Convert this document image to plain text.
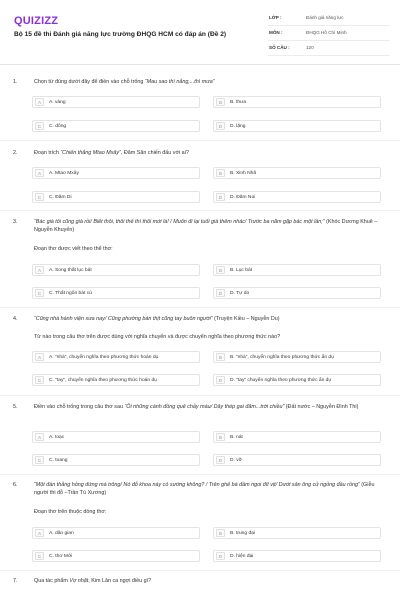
QUIZIZZ
Bộ 15 đề thi Đánh giá năng lực trường ĐHQG HCM có đáp án (Đề 2)
LỚP :	Đánh giá năng lực
MÔN :	ĐHQG Hồ Chí Minh
SỐ CÂU :	120
1.	Chọn từ đúng dưới đây để điền vào chỗ trống “Mau sao thì nắng,...thì mưa”
A	A. vàng	B	B. thưa
C	C. dông	D	D. lặng
2.	Đoạn trích “Chiến thắng Mtao Mxây”, Đăm Săn chiến đấu với ai?
A	A. Mtao Mxây	B	B. Xinh Nhã
C	C. Đăm Di	D	D. Đăm Noi
3.	“Bác già tôi cũng già rồi/ Biết thôi, thôi thế thì thôi mới là! / Muốn đi lại tuổi già thêm nhác/ Trước ba năm gặp bác một lần;” (Khóc Dương Khuê – Nguyễn Khuyến)
Đoạn thơ được viết theo thể thơ:
A	A. Song thất lục bát	B	B. Lục bát
C	C. Thất ngôn bát cú	D	D. Tự do
4.	“Cũng nhà hành viện xưa nay/ Cũng phường bán thịt cũng tay buôn người” (Truyện Kiều – Nguyễn Du)
Từ nào trong câu thơ trên được dùng với nghĩa chuyển và được chuyển nghĩa theo phương thức nào?
A	A. “nhà”, chuyển nghĩa theo phương thức hoán dụ	B	B. “nhà”, chuyển nghĩa theo phương thức ẩn dụ
C	C. “tay”, chuyển nghĩa theo phương thức hoán dụ	D	D. “tay” chuyển nghĩa theo phương thức ẩn dụ
5.	Điền vào chỗ trống trong câu thơ sau “Ôi những cánh đồng quê chảy máu/ Dây thép gai đâm...trời chiều” (Đất nước – Nguyễn Đình Thi)
A	A. toạc	B	B. nát
C	C. toang	D	D. vỡ
6.	“Một đàn thằng hỏng đứng mà trông/ Nó đỗ khoa này có sướng không? / Trên ghế bà đầm ngoi đít vịt/ Dưới sân ông cử ngỏng đầu rồng” (Giễu người thi đỗ –Trần Tú Xương)
Đoạn thơ trên thuộc dòng thơ:
A	A. dân gian	B	B. trung đại
C	C. thơ Mới	D	D. hiện đại
7.	Qua tác phẩm Vợ nhặt, Kim Lân ca ngợi điều gì?
